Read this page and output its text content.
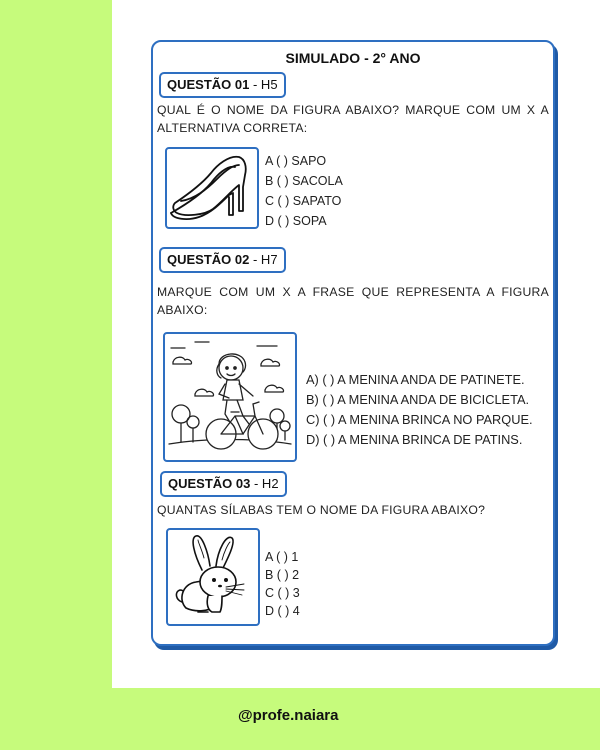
SIMULADO - 2° ANO
QUESTÃO 01 - H5
QUAL É O NOME DA FIGURA ABAIXO? MARQUE COM UM X A
ALTERNATIVA CORRETA:
A ( ) SAPO
B ( ) SACOLA
C ( ) SAPATO
D ( ) SOPA
QUESTÃO 02 - H7
MARQUE COM UM X A FRASE QUE REPRESENTA A FIGURA
ABAIXO:
A) ( ) A MENINA ANDA DE PATINETE.
B) ( ) A MENINA ANDA DE BICICLETA.
C) ( ) A MENINA BRINCA NO PARQUE.
D) ( ) A MENINA BRINCA DE PATINS.
QUESTÃO 03 - H2
QUANTAS SÍLABAS TEM O NOME DA FIGURA ABAIXO?
A ( ) 1
B ( ) 2
C ( ) 3
D ( ) 4
@profe.naiara
